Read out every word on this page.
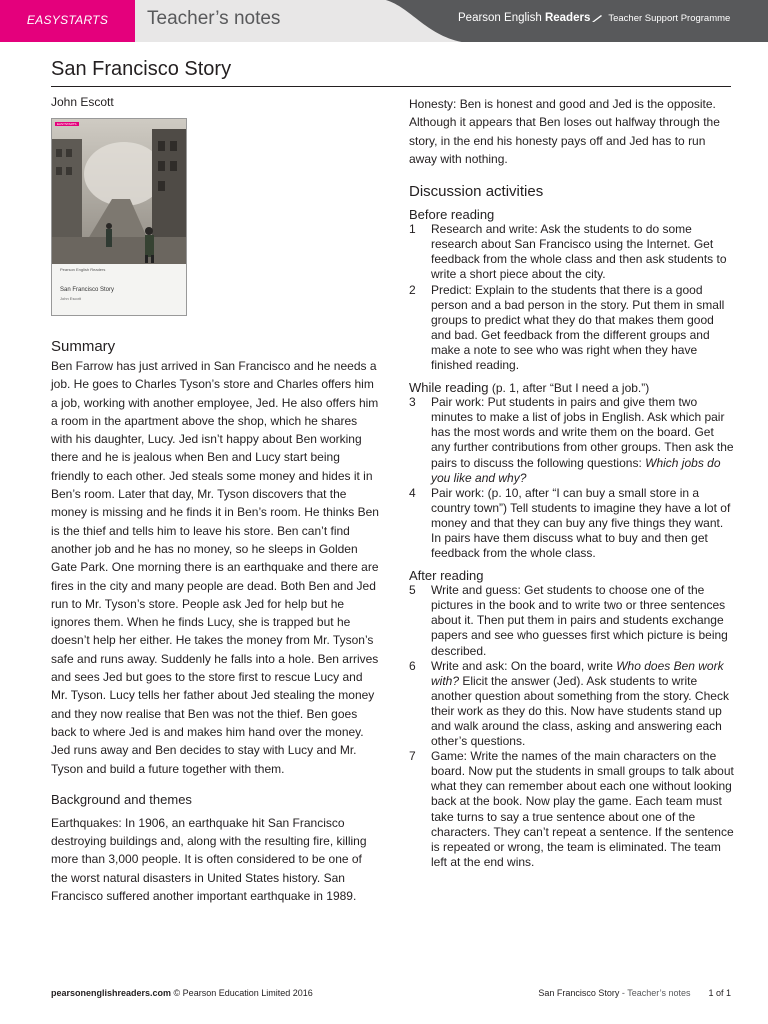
EASYSTARTS	Teacher’s notes	Pearson English Readers Teacher Support Programme
San Francisco Story

John Escott

EASYSTARTS
Pearson English Readers
San Francisco Story
John Escott
Summary

Ben Farrow has just arrived in San Francisco and he needs a job. He goes to Charles Tyson’s store and Charles offers him a job, working with another employee, Jed. He also offers him a room in the apartment above the shop, which he shares with his daughter, Lucy. Jed isn’t happy about Ben working there and he is jealous when Ben and Lucy start being friendly to each other. Jed steals some money and hides it in Ben’s room. Later that day, Mr. Tyson discovers that the money is missing and he finds it in Ben’s room. He thinks Ben is the thief and tells him to leave his store. Ben can’t find another job and he has no money, so he sleeps in Golden Gate Park. One morning there is an earthquake and there are fires in the city and many people are dead. Both Ben and Jed run to Mr. Tyson’s store. People ask Jed for help but he ignores them. When he finds Lucy, she is trapped but he doesn’t help her either. He takes the money from Mr. Tyson’s safe and runs away. Suddenly he falls into a hole. Ben arrives and sees Jed but goes to the store first to rescue Lucy and Mr. Tyson. Lucy tells her father about Jed stealing the money and they now realise that Ben was not the thief. Ben goes back to where Jed is and makes him hand over the money. Jed runs away and Ben decides to stay with Lucy and Mr. Tyson and build a future together with them.

Background and themes

Earthquakes: In 1906, an earthquake hit San Francisco destroying buildings and, along with the resulting fire, killing more than 3,000 people. It is often considered to be one of the worst natural disasters in United States history. San Francisco suffered another important earthquake in 1989.

Honesty: Ben is honest and good and Jed is the opposite. Although it appears that Ben loses out halfway through the story, in the end his honesty pays off and Jed has to run away with nothing.

Discussion activities
Before reading
1 Research and write: Ask the students to do some research about San Francisco using the Internet. Get feedback from the whole class and then ask students to write a short piece about the city.
2 Predict: Explain to the students that there is a good person and a bad person in the story. Put them in small groups to predict what they do that makes them good and bad. Get feedback from the different groups and make a note to see who was right when they have finished reading.
While reading (p. 1, after “But I need a job.”)
3 Pair work: Put students in pairs and give them two minutes to make a list of jobs in English. Ask which pair has the most words and write them on the board. Get any further contributions from other groups. Then ask the pairs to discuss the following questions: Which jobs do you like and why?
4 Pair work: (p. 10, after “I can buy a small store in a country town”) Tell students to imagine they have a lot of money and that they can buy any five things they want. In pairs have them discuss what to buy and then get feedback from the whole class.
After reading
5 Write and guess: Get students to choose one of the pictures in the book and to write two or three sentences about it. Then put them in pairs and students exchange papers and see who guesses first which picture is being described.
6 Write and ask: On the board, write Who does Ben work with? Elicit the answer (Jed). Ask students to write another question about something from the story. Check their work as they do this. Now have students stand up and walk around the class, asking and answering each other’s questions.
7 Game: Write the names of the main characters on the board. Now put the students in small groups to talk about what they can remember about each one without looking back at the book. Now play the game. Each team must take turns to say a true sentence about one of the characters. They can’t repeat a sentence. If the sentence is repeated or wrong, the team is eliminated. The team left at the end wins.
pearsonenglishreaders.com © Pearson Education Limited 2016	San Francisco Story - Teacher’s notes 1 of 1
